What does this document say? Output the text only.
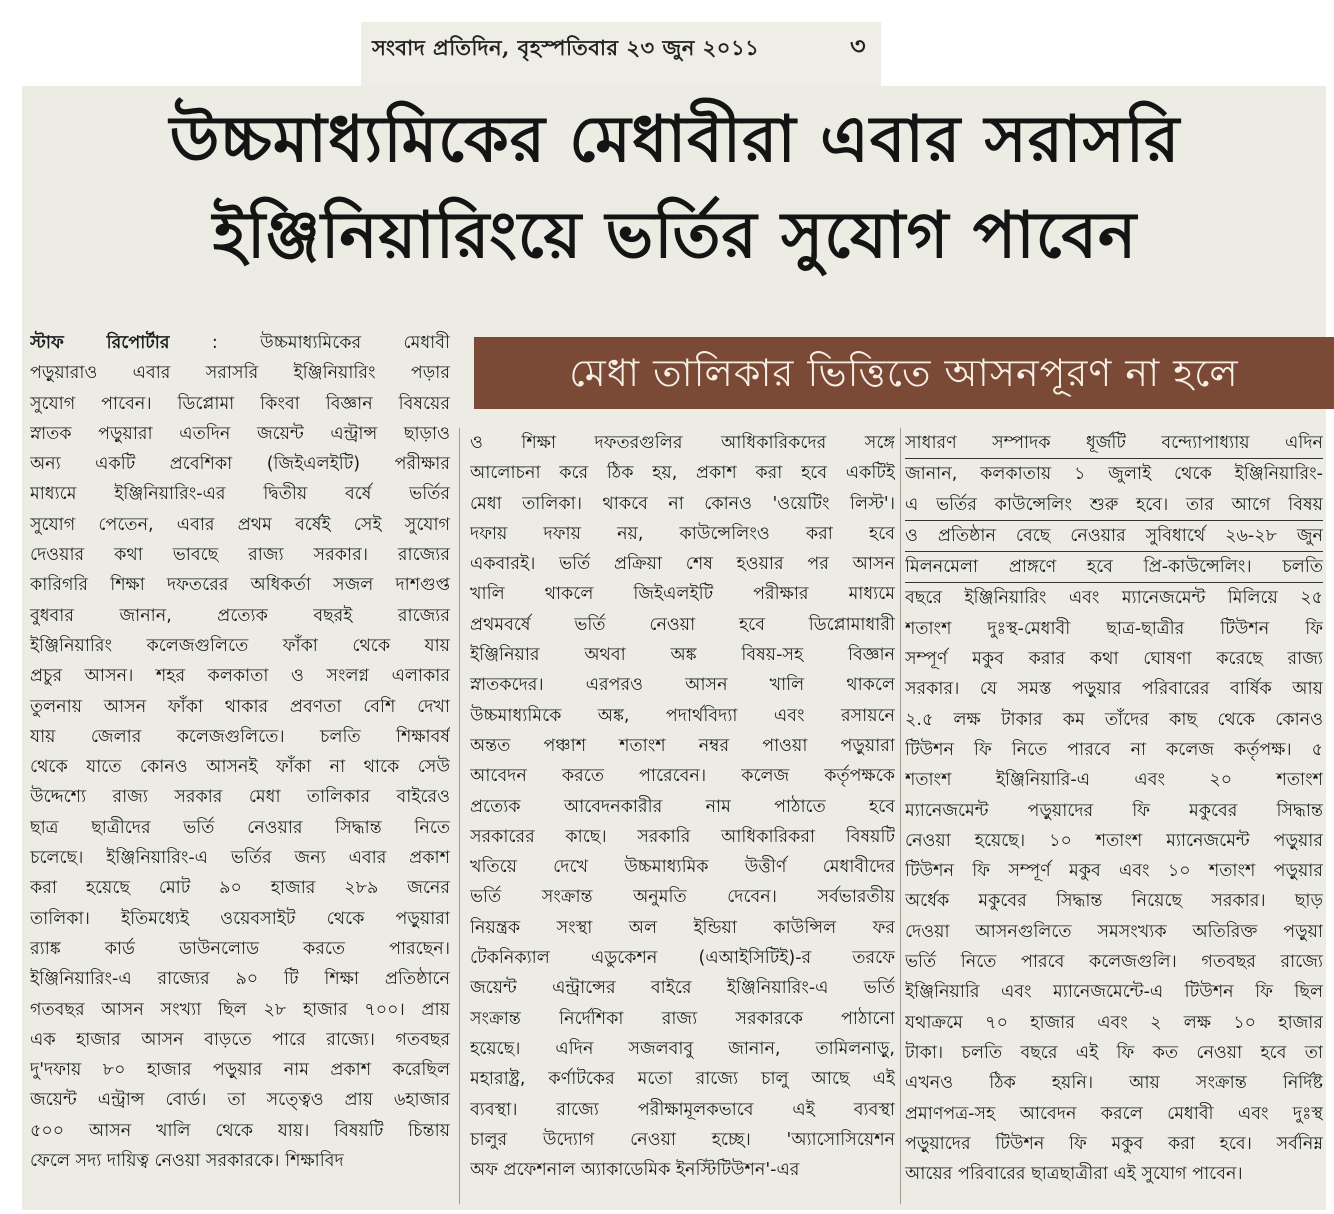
সংবাদ প্রতিদিন, বৃহস্পতিবার ২৩ জুন ২০১১	৩
উচ্চমাধ্যমিকের মেধাবীরা এবার সরাসরি
ইঞ্জিনিয়ারিংয়ে ভর্তির সুযোগ পাবেন
মেধা তালিকার ভিত্তিতে আসনপূরণ না হলে

স্টাফ রিপোর্টার : উচ্চমাধ্যমিকের মেধাবী

পড়ুয়ারাও এবার সরাসরি ইঞ্জিনিয়ারিং পড়ার

সুযোগ পাবেন। ডিপ্লোমা কিংবা বিজ্ঞান বিষয়ের

স্নাতক পড়ুয়ারা এতদিন জয়েন্ট এন্ট্রান্স ছাড়াও

অন্য একটি প্রবেশিকা (জিইএলইটি) পরীক্ষার

মাধ্যমে ইঞ্জিনিয়ারিং-এর দ্বিতীয় বর্ষে ভর্তির

সুযোগ পেতেন, এবার প্রথম বর্ষেই সেই সুযোগ

দেওয়ার কথা ভাবছে রাজ্য সরকার। রাজ্যের

কারিগরি শিক্ষা দফতরের অধিকর্তা সজল দাশগুপ্ত

বুধবার জানান, প্রত্যেক বছরই রাজ্যের

ইঞ্জিনিয়ারিং কলেজগুলিতে ফাঁকা থেকে যায়

প্রচুর আসন। শহর কলকাতা ও সংলগ্ন এলাকার

তুলনায় আসন ফাঁকা থাকার প্রবণতা বেশি দেখা

যায় জেলার কলেজগুলিতে। চলতি শিক্ষাবর্ষ

থেকে যাতে কোনও আসনই ফাঁকা না থাকে সেউ

উদ্দেশ্যে রাজ্য সরকার মেধা তালিকার বাইরেও

ছাত্র ছাত্রীদের ভর্তি নেওয়ার সিদ্ধান্ত নিতে

চলেছে। ইঞ্জিনিয়ারিং-এ ভর্তির জন্য এবার প্রকাশ

করা হয়েছে মোট ৯০ হাজার ২৮৯ জনের

তালিকা। ইতিমধ্যেই ওয়েবসাইট থেকে পড়ুয়ারা

র‍্যাঙ্ক কার্ড ডাউনলোড করতে পারছেন।

ইঞ্জিনিয়ারিং-এ রাজ্যের ৯০ টি শিক্ষা প্রতিষ্ঠানে

গতবছর আসন সংখ্যা ছিল ২৮ হাজার ৭০০। প্রায়

এক হাজার আসন বাড়তে পারে রাজ্যে। গতবছর

দু'দফায় ৮০ হাজার পড়ুয়ার নাম প্রকাশ করেছিল

জয়েন্ট এন্ট্রান্স বোর্ড। তা সত্ত্বেও প্রায় ৬হাজার

৫০০ আসন খালি থেকে যায়। বিষয়টি চিন্তায়

ফেলে সদ্য দায়িত্ব নেওয়া সরকারকে। শিক্ষাবিদ

ও শিক্ষা দফতরগুলির আধিকারিকদের সঙ্গে

আলোচনা করে ঠিক হয়, প্রকাশ করা হবে একটিই

মেধা তালিকা। থাকবে না কোনও 'ওয়েটিং লিস্ট'।

দফায় দফায় নয়, কাউন্সেলিংও করা হবে

একবারই। ভর্তি প্রক্রিয়া শেষ হওয়ার পর আসন

খালি থাকলে জিইএলইটি পরীক্ষার মাধ্যমে

প্রথমবর্ষে ভর্তি নেওয়া হবে ডিপ্লোমাধারী

ইঞ্জিনিয়ার অথবা অঙ্ক বিষয়-সহ বিজ্ঞান

স্নাতকদের। এরপরও আসন খালি থাকলে

উচ্চমাধ্যমিকে অঙ্ক, পদার্থবিদ্যা এবং রসায়নে

অন্তত পঞ্চাশ শতাংশ নম্বর পাওয়া পড়ুয়ারা

আবেদন করতে পারেবেন। কলেজ কর্তৃপক্ষকে

প্রত্যেক আবেদনকারীর নাম পাঠাতে হবে

সরকারের কাছে। সরকারি আধিকারিকরা বিষয়টি

খতিয়ে দেখে উচ্চমাধ্যমিক উত্তীর্ণ মেধাবীদের

ভর্তি সংক্রান্ত অনুমতি দেবেন। সর্বভারতীয়

নিয়ন্ত্রক সংস্থা অল ইন্ডিয়া কাউন্সিল ফর

টেকনিক্যাল এডুকেশন (এআইসিটিই)-র তরফে

জয়েন্ট এন্ট্রান্সের বাইরে ইঞ্জিনিয়ারিং-এ ভর্তি

সংক্রান্ত নির্দেশিকা রাজ্য সরকারকে পাঠানো

হয়েছে। এদিন সজলবাবু জানান, তামিলনাড়ু,

মহারাষ্ট্র, কর্ণাটকের মতো রাজ্যে চালু আছে এই

ব্যবস্থা। রাজ্যে পরীক্ষামূলকভাবে এই ব্যবস্থা

চালুর উদ্যোগ নেওয়া হচ্ছে। 'অ্যাসোসিয়েশন

অফ প্রফেশনাল অ্যাকাডেমিক ইনস্টিটিউশন'-এর

সাধারণ সম্পাদক ধূর্জটি বন্দ্যোপাধ্যায় এদিন

জানান, কলকাতায় ১ জুলাই থেকে ইঞ্জিনিয়ারিং-

এ ভর্তির কাউন্সেলিং শুরু হবে। তার আগে বিষয়

ও প্রতিষ্ঠান বেছে নেওয়ার সুবিধার্থে ২৬-২৮ জুন

মিলনমেলা প্রাঙ্গণে হবে প্রি-কাউন্সেলিং। চলতি

বছরে ইঞ্জিনিয়ারিং এবং ম্যানেজমেন্ট মিলিয়ে ২৫

শতাংশ দুঃস্থ-মেধাবী ছাত্র-ছাত্রীর টিউশন ফি

সম্পূর্ণ মকুব করার কথা ঘোষণা করেছে রাজ্য

সরকার। যে সমস্ত পড়ুয়ার পরিবারের বার্ষিক আয়

২.৫ লক্ষ টাকার কম তাঁদের কাছ থেকে কোনও

টিউশন ফি নিতে পারবে না কলেজ কর্তৃপক্ষ। ৫

শতাংশ ইঞ্জিনিয়ারি-এ এবং ২০ শতাংশ

ম্যানেজমেন্ট পড়ুয়াদের ফি মকুবের সিদ্ধান্ত

নেওয়া হয়েছে। ১০ শতাংশ ম্যানেজমেন্ট পড়ুয়ার

টিউশন ফি সম্পূর্ণ মকুব এবং ১০ শতাংশ পড়ুয়ার

অর্ধেক মকুবের সিদ্ধান্ত নিয়েছে সরকার। ছাড়

দেওয়া আসনগুলিতে সমসংখ্যক অতিরিক্ত পড়ুয়া

ভর্তি নিতে পারবে কলেজগুলি। গতবছর রাজ্যে

ইঞ্জিনিয়ারি এবং ম্যানেজমেন্টে-এ টিউশন ফি ছিল

যথাক্রমে ৭০ হাজার এবং ২ লক্ষ ১০ হাজার

টাকা। চলতি বছরে এই ফি কত নেওয়া হবে তা

এখনও ঠিক হয়নি। আয় সংক্রান্ত নির্দিষ্ট

প্রমাণপত্র-সহ আবেদন করলে মেধাবী এবং দুঃস্থ

পড়ুয়াদের টিউশন ফি মকুব করা হবে। সর্বনিম্ন

আয়ের পরিবারের ছাত্রছাত্রীরা এই সুযোগ পাবেন।
